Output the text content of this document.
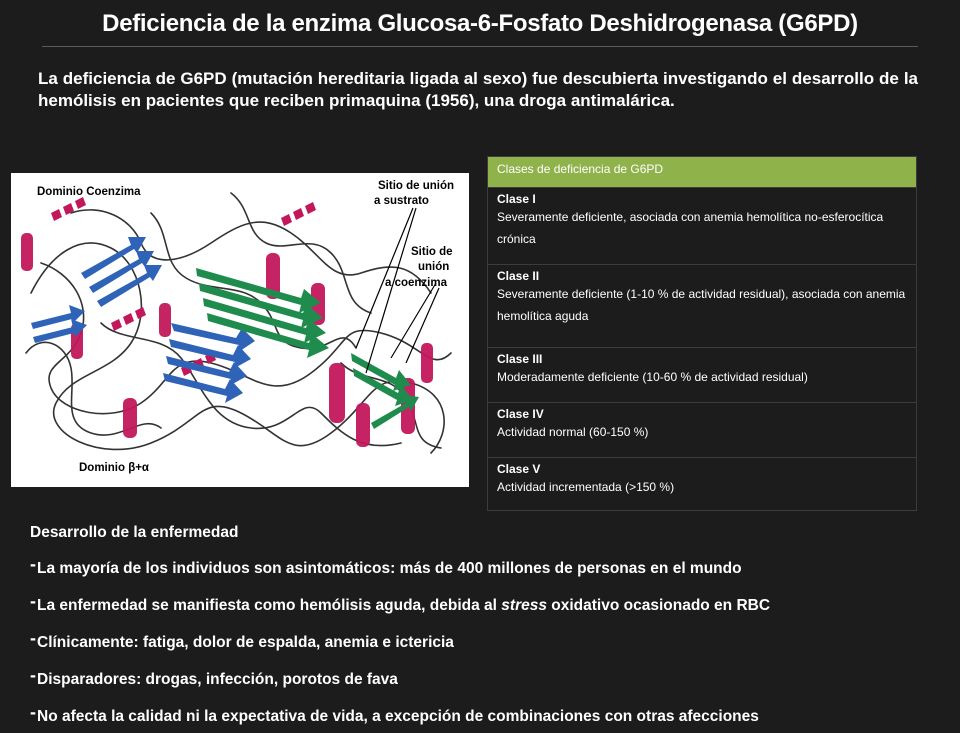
Deficiencia de la enzima Glucosa-6-Fosfato Deshidrogenasa (G6PD)
La deficiencia de G6PD (mutación hereditaria ligada al sexo) fue descubierta investigando el desarrollo de la hemólisis en pacientes que reciben primaquina (1956), una droga antimalárica.
Dominio Coenzima	Sitio de unión
a sustrato
Sitio de
unión
a coenzima
Dominio β+α
Clases de deficiencia de G6PD

Clase I
Severamente deficiente, asociada con anemia hemolítica no-esferocítica crónica

Clase II
Severamente deficiente (1-10 % de actividad residual), asociada con anemia hemolítica aguda

Clase III
Moderadamente deficiente (10-60 % de actividad residual)

Clase IV
Actividad normal (60-150 %)

Clase V
Actividad incrementada (>150 %)
Desarrollo de la enfermedad
-La mayoría de los individuos son asintomáticos: más de 400 millones de personas en el mundo
-La enfermedad se manifiesta como hemólisis aguda, debida al stress oxidativo ocasionado en RBC
-Clínicamente: fatiga, dolor de espalda, anemia e ictericia
-Disparadores: drogas, infección, porotos de fava
-No afecta la calidad ni la expectativa de vida, a excepción de combinaciones con otras afecciones
